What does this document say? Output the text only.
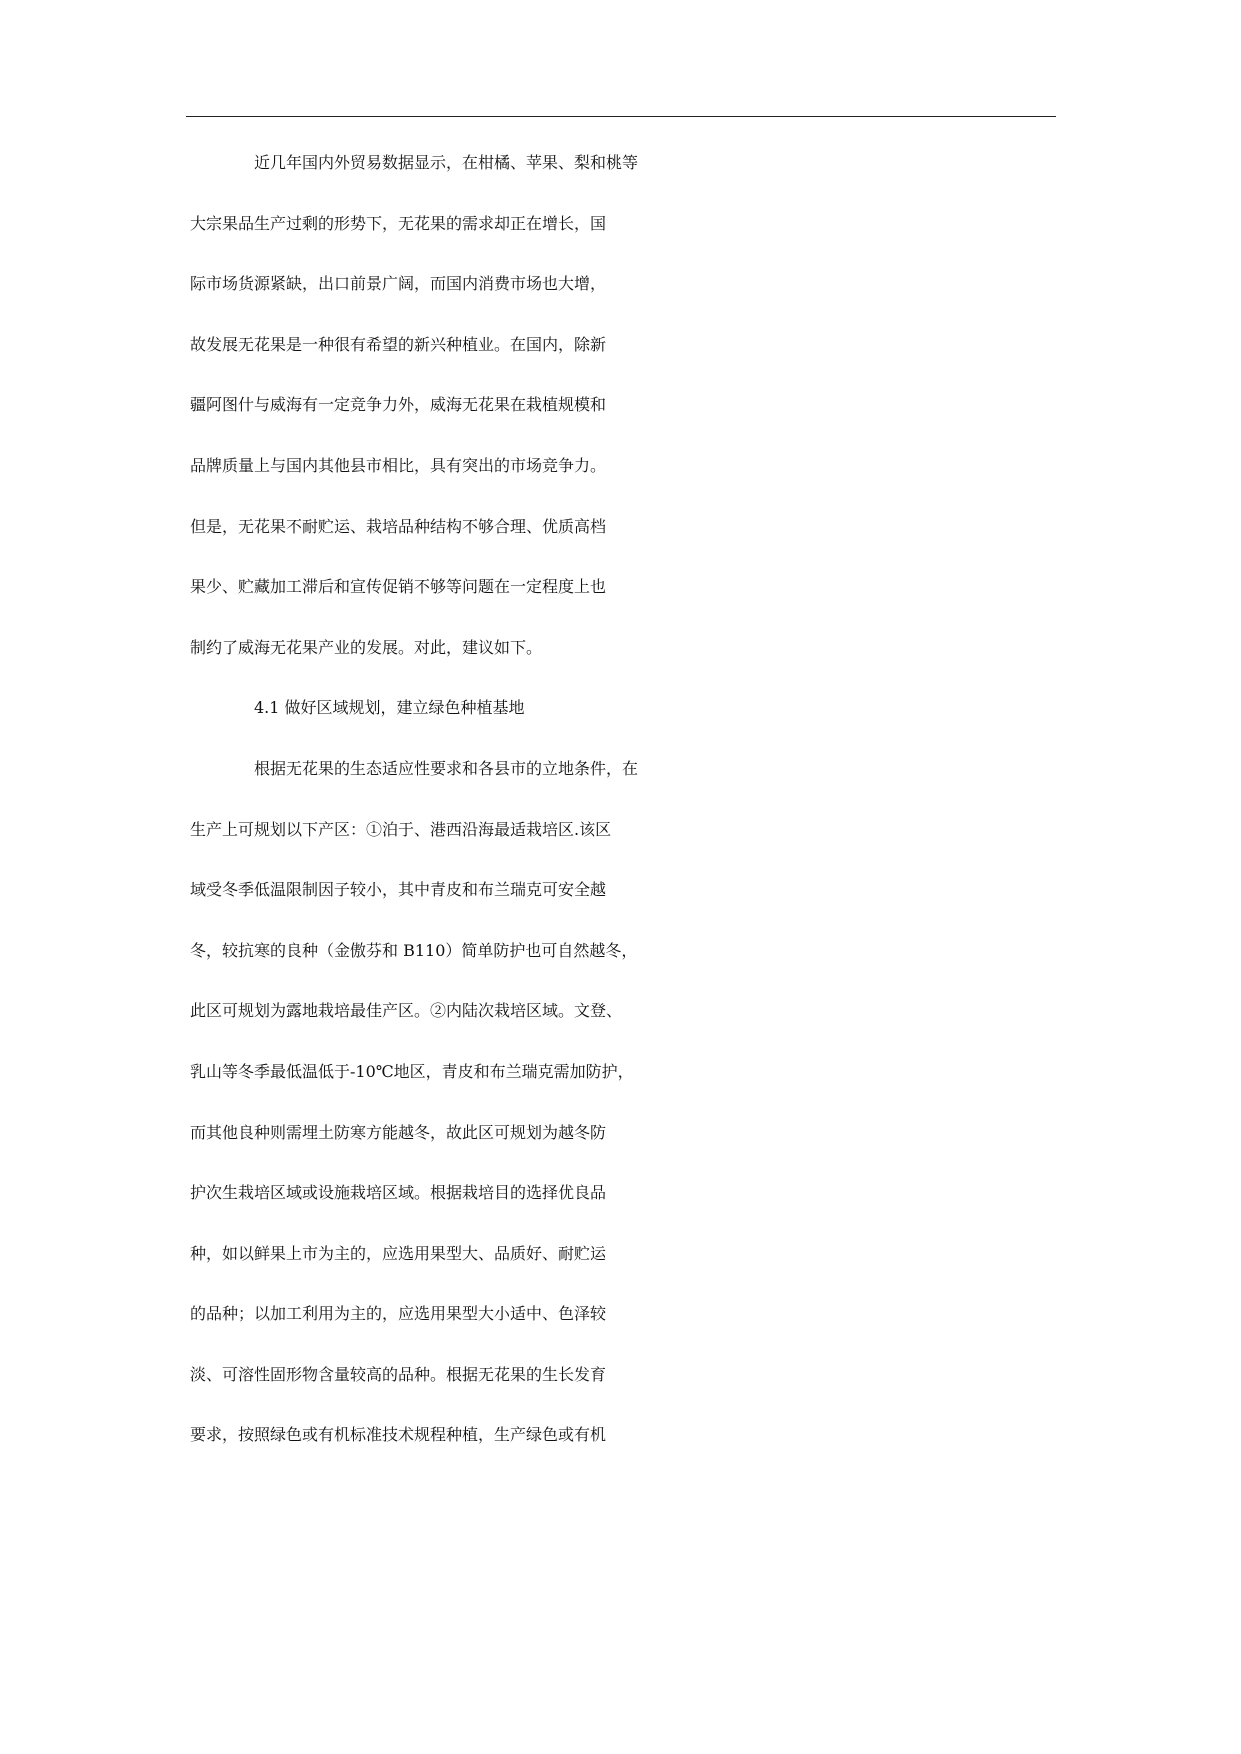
近几年国内外贸易数据显示，在柑橘、苹果、梨和桃等
大宗果品生产过剩的形势下，无花果的需求却正在增长，国
际市场货源紧缺，出口前景广阔，而国内消费市场也大增，
故发展无花果是一种很有希望的新兴种植业。在国内，除新
疆阿图什与威海有一定竞争力外，威海无花果在栽植规模和
品牌质量上与国内其他县市相比，具有突出的市场竞争力。
但是，无花果不耐贮运、栽培品种结构不够合理、优质高档
果少、贮藏加工滞后和宣传促销不够等问题在一定程度上也
制约了威海无花果产业的发展。对此，建议如下。
4.1 做好区域规划，建立绿色种植基地
根据无花果的生态适应性要求和各县市的立地条件，在
生产上可规划以下产区：①泊于、港西沿海最适栽培区.该区
域受冬季低温限制因子较小，其中青皮和布兰瑞克可安全越
冬，较抗寒的良种（金傲芬和 B110）简单防护也可自然越冬，
此区可规划为露地栽培最佳产区。②内陆次栽培区域。文登、
乳山等冬季最低温低于-10℃地区，青皮和布兰瑞克需加防护，
而其他良种则需埋土防寒方能越冬，故此区可规划为越冬防
护次生栽培区域或设施栽培区域。根据栽培目的选择优良品
种，如以鲜果上市为主的，应选用果型大、品质好、耐贮运
的品种；以加工利用为主的，应选用果型大小适中、色泽较
淡、可溶性固形物含量较高的品种。根据无花果的生长发育
要求，按照绿色或有机标准技术规程种植，生产绿色或有机
